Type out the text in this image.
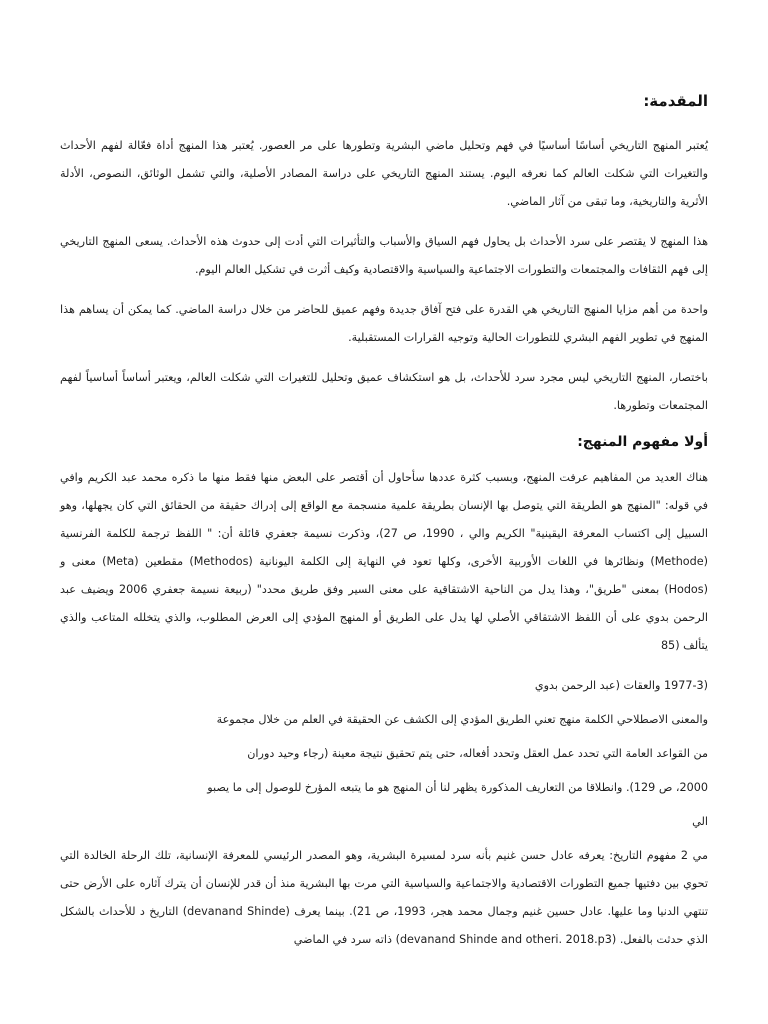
المقدمة:

يُعتبر المنهج التاريخي أساسًا أساسيًا في فهم وتحليل ماضي البشرية وتطورها على مر العصور. يُعتبر هذا المنهج أداة فعّالة لفهم الأحداث والتغيرات التي شكلت العالم كما نعرفه اليوم. يستند المنهج التاريخي على دراسة المصادر الأصلية، والتي تشمل الوثائق، النصوص، الأدلة الأثرية والتاريخية، وما تبقى من آثار الماضي.

هذا المنهج لا يقتصر على سرد الأحداث بل يحاول فهم السياق والأسباب والتأثيرات التي أدت إلى حدوث هذه الأحداث. يسعى المنهج التاريخي إلى فهم الثقافات والمجتمعات والتطورات الاجتماعية والسياسية والاقتصادية وكيف أثرت في تشكيل العالم اليوم.

واحدة من أهم مزايا المنهج التاريخي هي القدرة على فتح آفاق جديدة وفهم عميق للحاضر من خلال دراسة الماضي. كما يمكن أن يساهم هذا المنهج في تطوير الفهم البشري للتطورات الحالية وتوجيه القرارات المستقبلية.

باختصار، المنهج التاريخي ليس مجرد سرد للأحداث، بل هو استكشاف عميق وتحليل للتغيرات التي شكلت العالم، ويعتبر أساساً أساسياً لفهم المجتمعات وتطورها.

أولا مفهوم المنهج:

هناك العديد من المفاهيم عرفت المنهج، وبسبب كثرة عددها سأحاول أن أقتصر على البعض منها فقط منها ما ذكره محمد عبد الكريم وافي في قوله: "المنهج هو الطريقة التي يتوصل بها الإنسان بطريقة علمية منسجمة مع الواقع إلى إدراك حقيقة من الحقائق التي كان يجهلها، وهو السبيل إلى اكتساب المعرفة اليقينية" الكريم والي ، 1990، ص 27)، وذكرت نسيمة جعفري قائلة أن: " اللفظ ترجمة للكلمة الفرنسية (Methode) ونظائرها في اللغات الأوربية الأخرى، وكلها تعود في النهاية إلى الكلمة اليونانية (Methodos) مقطعين (Meta) معنى و (Hodos) بمعنى "طريق"، وهذا يدل من الناحية الاشتقاقية على معنى السير وفق طريق محدد" (ربيعة نسيمة جعفري 2006 ويضيف عبد الرحمن بدوي على أن اللفظ الاشتقاقي الأصلي لها يدل على الطريق أو المنهج المؤدي إلى العرض المطلوب، والذي يتخلله المتاعب والذي يتألف (85

(1977-3 والعقات (عبد الرحمن بدوي
والمعنى الاصطلاحي الكلمة منهج تعني الطريق المؤدي إلى الكشف عن الحقيقة في العلم من خلال مجموعة
من القواعد العامة التي تحدد عمل العقل وتحدد أفعاله، حتى يتم تحقيق نتيجة معينة (رجاء وحيد دوران
2000، ص 129). وانطلاقا من التعاريف المذكورة يظهر لنا أن المنهج هو ما يتبعه المؤرخ للوصول إلى ما يصبو
الي

مي 2 مفهوم التاريخ: يعرفه عادل حسن غنيم بأنه سرد لمسيرة البشرية، وهو المصدر الرئيسي للمعرفة الإنسانية، تلك الرحلة الخالدة التي تحوي بين دفتيها جميع التطورات الاقتصادية والاجتماعية والسياسية التي مرت بها البشرية منذ أن قدر للإنسان أن يترك آثاره على الأرض حتى تنتهي الدنيا وما عليها. عادل حسين غنيم وجمال محمد هجر، 1993، ص 21). بينما يعرف (devanand Shinde) التاريخ د للأحداث بالشكل الذي حدثت بالفعل. (devanand Shinde and otheri. 2018.p3) ذاته سرد في الماضي
